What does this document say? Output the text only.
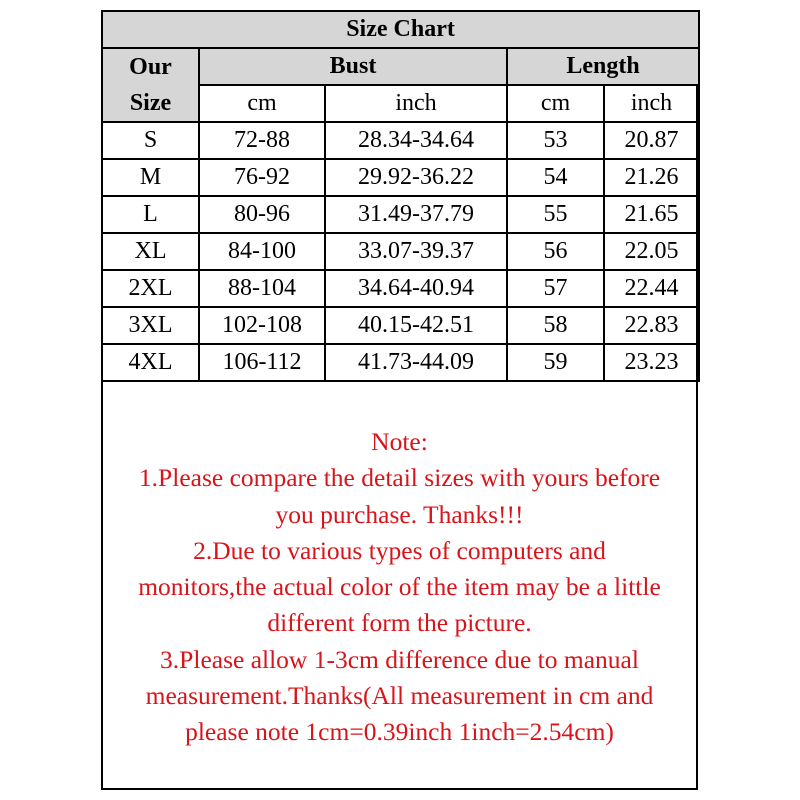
Size Chart				
Our
Size	Bust		Length	
	cm	inch	cm	inch
S	72-88	28.34-34.64	53	20.87
M	76-92	29.92-36.22	54	21.26
L	80-96	31.49-37.79	55	21.65
XL	84-100	33.07-39.37	56	22.05
2XL	88-104	34.64-40.94	57	22.44
3XL	102-108	40.15-42.51	58	22.83
4XL	106-112	41.73-44.09	59	23.23
Note:
1.Please compare the detail sizes with yours before
you purchase. Thanks!!!
2.Due to various types of computers and
monitors,the actual color of the item may be a little
different form the picture.
3.Please allow 1-3cm difference due to manual
measurement.Thanks(All measurement in cm and
please note 1cm=0.39inch 1inch=2.54cm)
